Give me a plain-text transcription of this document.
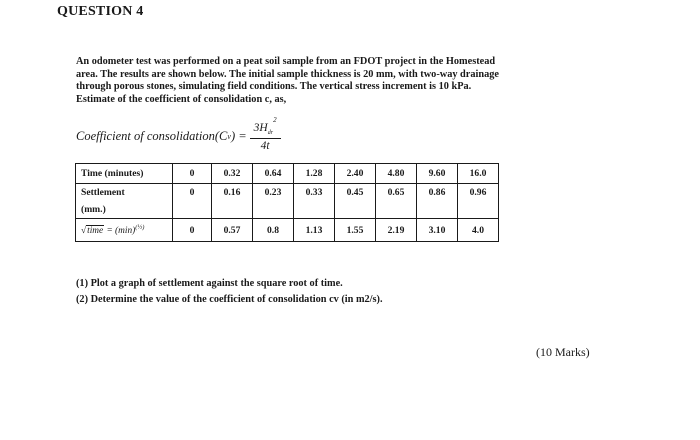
QUESTION 4
An odometer test was performed on a peat soil sample from an FDOT project in the Homestead
area. The results are shown below. The initial sample thickness is 20 mm, with two-way drainage
through porous stones, simulating field conditions. The vertical stress increment is 10 kPa.
Estimate of the coefficient of consolidation c, as,
Coefficient of consolidation(C v ) = $\frac{3H_{dr}^2}{4t}$
Time (minutes)	0	0.32	0.64	1.28	2.40	4.80	9.60	16.0
Settlement	0	0.16	0.23	0.33	0.45	0.65	0.86	0.96
(mm.)								
√time = $(\min)^{(\frac{1}{2})}$	0	0.57	0.8	1.13	1.55	2.19	3.10	4.0
(1) Plot a graph of settlement against the square root of time.
(2) Determine the value of the coefficient of consolidation cv (in m2/s).
(10 Marks)
